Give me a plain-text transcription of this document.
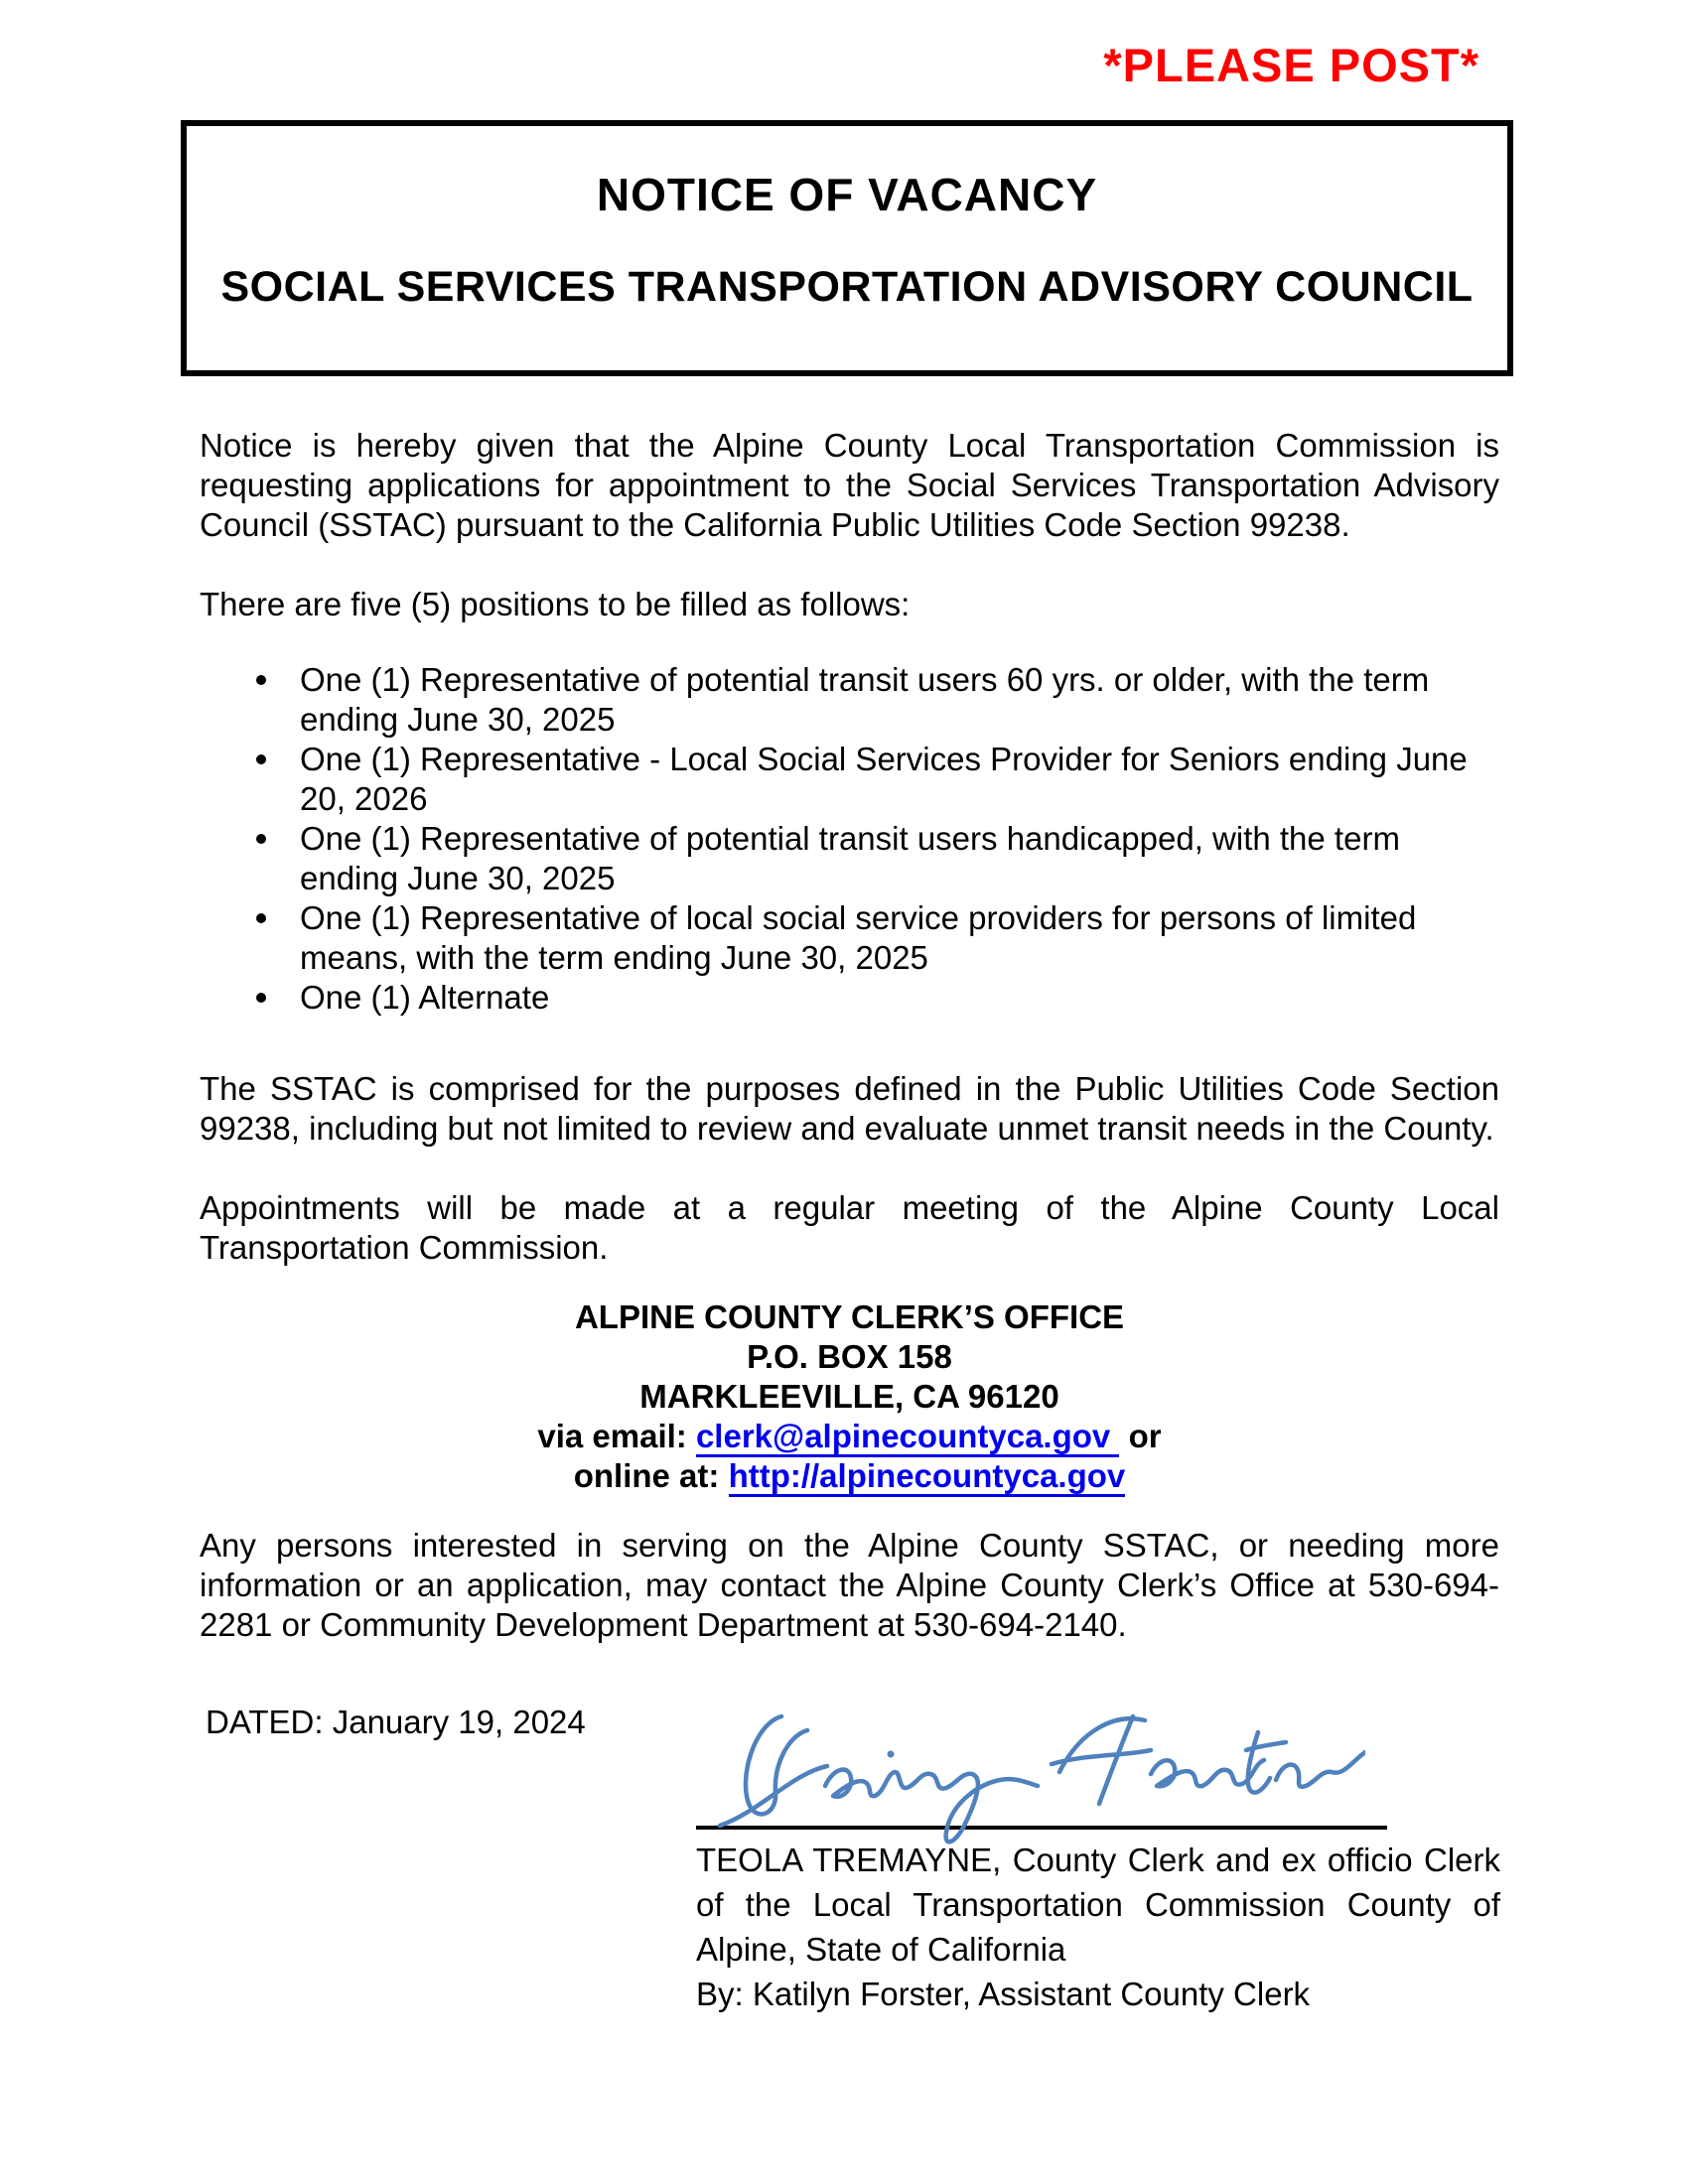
*PLEASE POST*
NOTICE OF VACANCY
SOCIAL SERVICES TRANSPORTATION ADVISORY COUNCIL

Notice is hereby given that the Alpine County Local Transportation Commission is requesting applications for appointment to the Social Services Transportation Advisory Council (SSTAC) pursuant to the California Public Utilities Code Section 99238.

There are five (5) positions to be filled as follows:

One (1) Representative of potential transit users 60 yrs. or older, with the term ending June 30, 2025
One (1) Representative - Local Social Services Provider for Seniors ending June 20, 2026
One (1) Representative of potential transit users handicapped, with the term ending June 30, 2025
One (1) Representative of local social service providers for persons of limited means, with the term ending June 30, 2025
One (1) Alternate

The SSTAC is comprised for the purposes defined in the Public Utilities Code Section 99238, including but not limited to review and evaluate unmet transit needs in the County.

Appointments will be made at a regular meeting of the Alpine County Local Transportation Commission.

ALPINE COUNTY CLERK’S OFFICE
P.O. BOX 158
MARKLEEVILLE, CA 96120
via email: clerk@alpinecountyca.gov or
online at: http://alpinecountyca.gov

Any persons interested in serving on the Alpine County SSTAC, or needing more information or an application, may contact the Alpine County Clerk’s Office at 530-694-2281 or Community Development Department at 530-694-2140.

DATED: January 19, 2024

TEOLA TREMAYNE, County Clerk and ex officio Clerk of the Local Transportation Commission County of Alpine, State of California

By: Katilyn Forster, Assistant County Clerk
